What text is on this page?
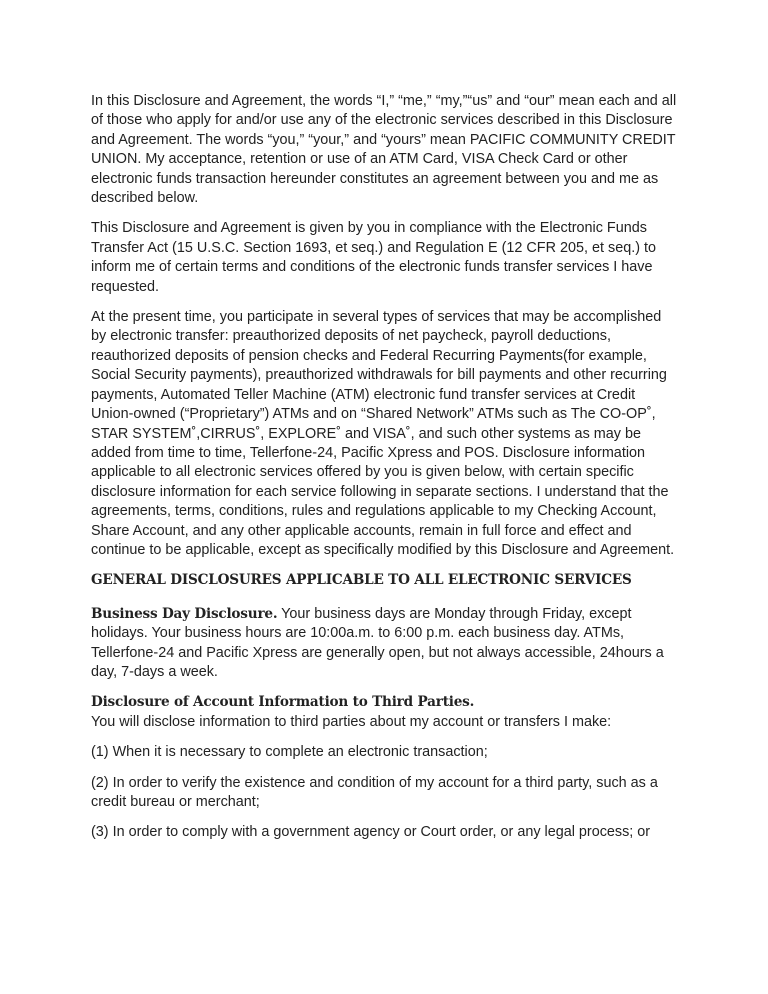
In this Disclosure and Agreement, the words “I,” “me,” “my,”“us” and “our” mean each and all of those who apply for and/or use any of the electronic services described in this Disclosure and Agreement. The words “you,” “your,” and “yours” mean PACIFIC COMMUNITY CREDIT UNION. My acceptance, retention or use of an ATM Card, VISA Check Card or other electronic funds transaction hereunder constitutes an agreement between you and me as described below.

This Disclosure and Agreement is given by you in compliance with the Electronic Funds Transfer Act (15 U.S.C. Section 1693, et seq.) and Regulation E (12 CFR 205, et seq.) to inform me of certain terms and conditions of the electronic funds transfer services I have requested.

At the present time, you participate in several types of services that may be accomplished by electronic transfer: preauthorized deposits of net paycheck, payroll deductions, reauthorized deposits of pension checks and Federal Recurring Payments(for example, Social Security payments), preauthorized withdrawals for bill payments and other recurring payments, Automated Teller Machine (ATM) electronic fund transfer services at Credit Union-owned (“Proprietary”) ATMs and on “Shared Network” ATMs such as The CO-OP˚, STAR SYSTEM˚,CIRRUS˚, EXPLORE˚ and VISA˚, and such other systems as may be added from time to time, Tellerfone-24, Pacific Xpress and POS. Disclosure information applicable to all electronic services offered by you is given below, with certain specific disclosure information for each service following in separate sections. I understand that the agreements, terms, conditions, rules and regulations applicable to my Checking Account, Share Account, and any other applicable accounts, remain in full force and effect and continue to be applicable, except as specifically modified by this Disclosure and Agreement.

GENERAL DISCLOSURES APPLICABLE TO ALL ELECTRONIC SERVICES

Business Day Disclosure. Your business days are Monday through Friday, except holidays. Your business hours are 10:00a.m. to 6:00 p.m. each business day. ATMs, Tellerfone-24 and Pacific Xpress are generally open, but not always accessible, 24hours a day, 7-days a week.

Disclosure of Account Information to Third Parties.
You will disclose information to third parties about my account or transfers I make:

(1) When it is necessary to complete an electronic transaction;

(2) In order to verify the existence and condition of my account for a third party, such as a credit bureau or merchant;

(3) In order to comply with a government agency or Court order, or any legal process; or
